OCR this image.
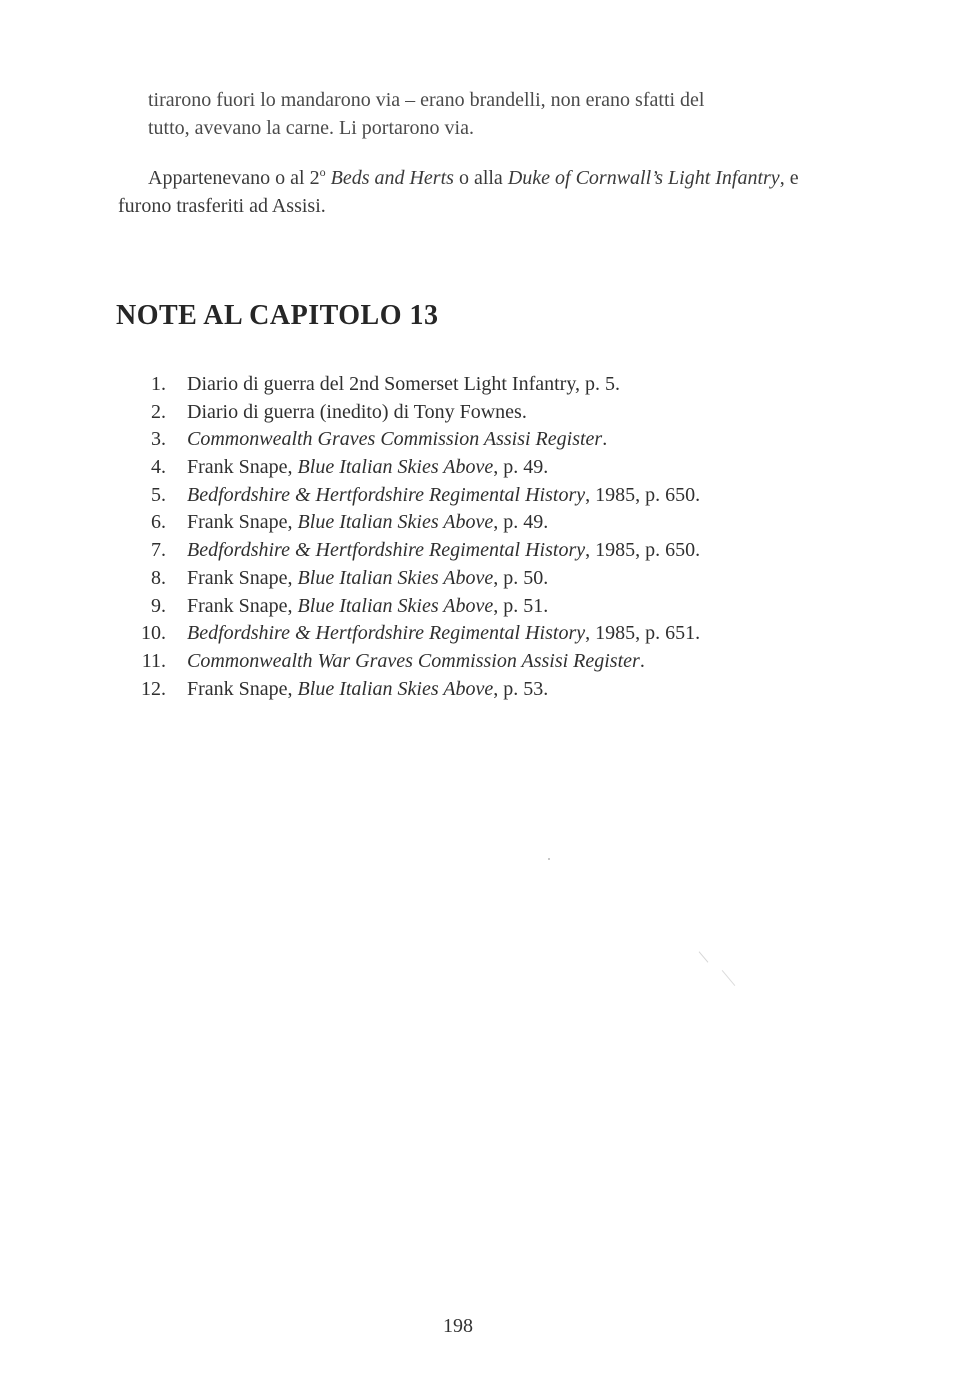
tirarono fuori lo mandarono via – erano brandelli, non erano sfatti del
tutto, avevano la carne. Li portarono via.
Appartenevano o al 2$^o$ Beds and Herts o alla Duke of Cornwall’s Light Infantry, e furono trasferiti ad Assisi.
NOTE AL CAPITOLO 13
1. Diario di guerra del 2nd Somerset Light Infantry, p. 5.
2. Diario di guerra (inedito) di Tony Fownes.
3. Commonwealth Graves Commission Assisi Register.
4. Frank Snape, Blue Italian Skies Above, p. 49.
5. Bedfordshire & Hertfordshire Regimental History, 1985, p. 650.
6. Frank Snape, Blue Italian Skies Above, p. 49.
7. Bedfordshire & Hertfordshire Regimental History, 1985, p. 650.
8. Frank Snape, Blue Italian Skies Above, p. 50.
9. Frank Snape, Blue Italian Skies Above, p. 51.
10. Bedfordshire & Hertfordshire Regimental History, 1985, p. 651.
11. Commonwealth War Graves Commission Assisi Register.
12. Frank Snape, Blue Italian Skies Above, p. 53.
198
